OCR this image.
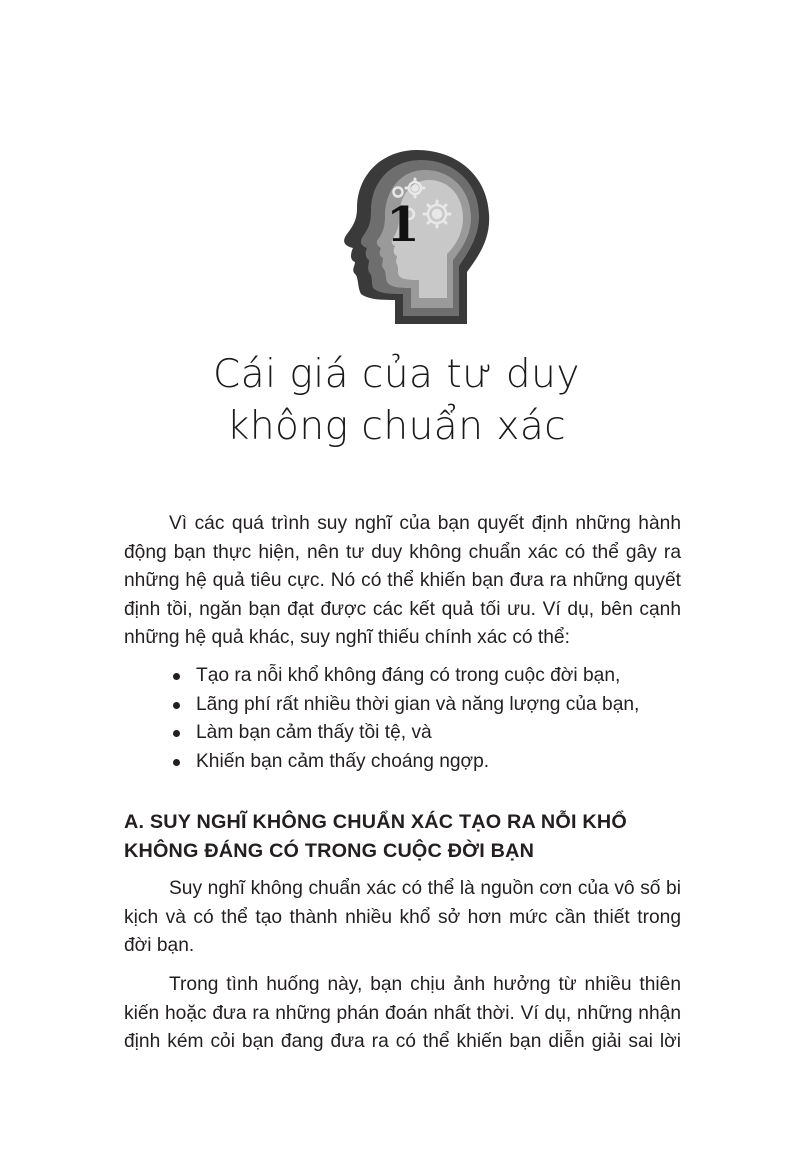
1
Cái giá của tư duy
không chuẩn xác
Vì các quá trình suy nghĩ của bạn quyết định những hành
động bạn thực hiện, nên tư duy không chuẩn xác có thể gây ra
những hệ quả tiêu cực. Nó có thể khiến bạn đưa ra những quyết
định tồi, ngăn bạn đạt được các kết quả tối ưu. Ví dụ, bên cạnh
những hệ quả khác, suy nghĩ thiếu chính xác có thể:
Tạo ra nỗi khổ không đáng có trong cuộc đời bạn,
Lãng phí rất nhiều thời gian và năng lượng của bạn,
Làm bạn cảm thấy tồi tệ, và
Khiến bạn cảm thấy choáng ngợp.
A. SUY NGHĨ KHÔNG CHUẨN XÁC TẠO RA NỖI KHỔ
KHÔNG ĐÁNG CÓ TRONG CUỘC ĐỜI BẠN
Suy nghĩ không chuẩn xác có thể là nguồn cơn của vô số bi
kịch và có thể tạo thành nhiều khổ sở hơn mức cần thiết trong
đời bạn.
Trong tình huống này, bạn chịu ảnh hưởng từ nhiều thiên
kiến hoặc đưa ra những phán đoán nhất thời. Ví dụ, những nhận
định kém cỏi bạn đang đưa ra có thể khiến bạn diễn giải sai lời
